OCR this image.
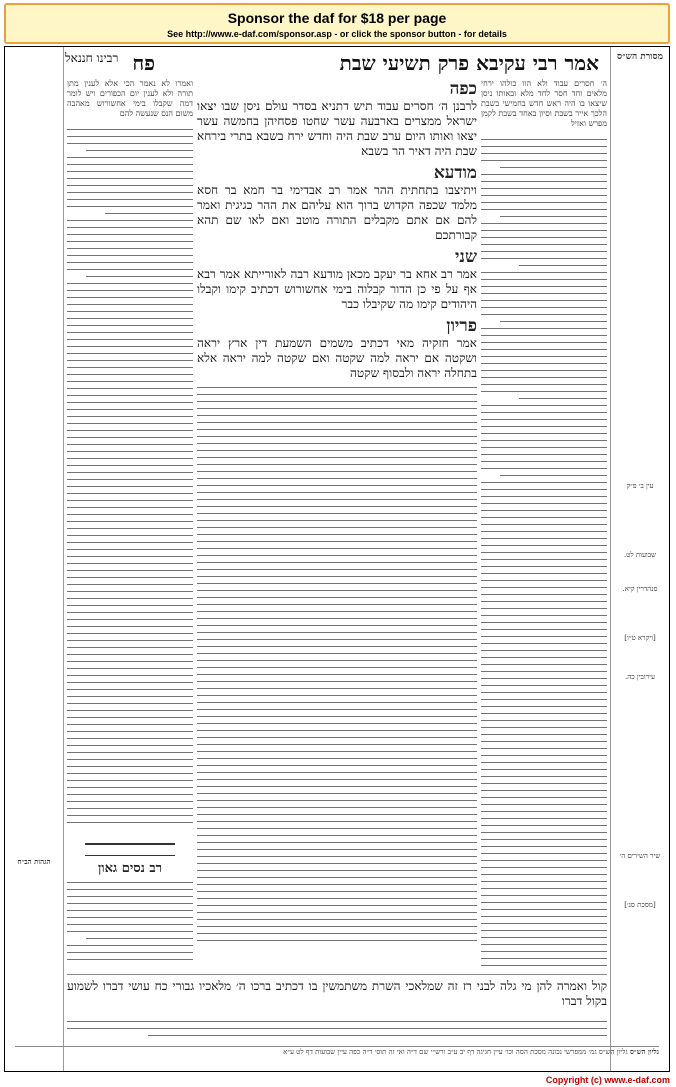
Sponsor the daf for $18 per page
See http://www.e-daf.com/sponsor.asp - or click the sponsor button - for details
מסורת הש״ס
עין ב׳ פ״ק
שבועות לט.
סנהדרין קיא.
[ויקרא ט״ו]
עירובין כה.
שיר השירים ה׳
[מסכת סנ׳]
הגהות הב״ח
אמר רבי עקיבא פרק תשיעי שבת
פח
רבינו חננאל

ה׳ חסרים עבוד ולא הוו כולהו ירחי מלאים וחד חסר לחד מלא ובאותו ניסן שיצאו בו היה ראש חדש בחמישי בשבת הלכך אייר בשבת וסיון באחד בשבת לקמן מפרש ואזיל

ואמרו לא נאמר הכי אלא לענין מתן תורה ולא לענין יום הכפורים ויש לומר דמה שקבלו בימי אחשורוש מאהבה משום הנס שנעשה להם

רב נסים גאון
כפה

לרבנן ה׳ חסרים עבוד תיש דתניא בסדר עולם ניסן שבו יצאו ישראל ממצרים בארבעה עשר שחטו פסחיהן בחמשה עשר יצאו ואותו היום ערב שבת היה וחדש ירח בשבא בתרי בירחא שבת היה דאיר הר בשבא

מודעא

ויתיצבו בתחתית ההר אמר רב אבדימי בר חמא בר חסא מלמד שכפה הקדוש ברוך הוא עליהם את ההר כגיגית ואמר להם אם אתם מקבלים התורה מוטב ואם לאו שם תהא קבורתכם

שני

אמר רב אחא בר יעקב מכאן מודעא רבה לאורייתא אמר רבא אף על פי כן הדור קבלוה בימי אחשורוש דכתיב קימו וקבלו היהודים קימו מה שקיבלו כבר

פריון

אמר חזקיה מאי דכתיב משמים השמעת דין ארץ יראה ושקטה אם יראה למה שקטה ואם שקטה למה יראה אלא בתחלה יראה ולבסוף שקטה

קול ואמרה להן מי גלה לבני רז זה שמלאכי השרת משתמשין בו דכתיב ברכו ה׳ מלאכיו גבורי כח עושי דברו לשמוע בקול דברו

גליון הש״ס גליון הש״ס גמ׳ ממפרשי נכונה מסכת הסה וכו׳ עיין חגיגה דף יב ע״ב ורש״י שם ד״ה ואי זה תוס׳ ד״ה כפה עיין שבועות דף לט ע״א
Copyright (c) www.e-daf.com
